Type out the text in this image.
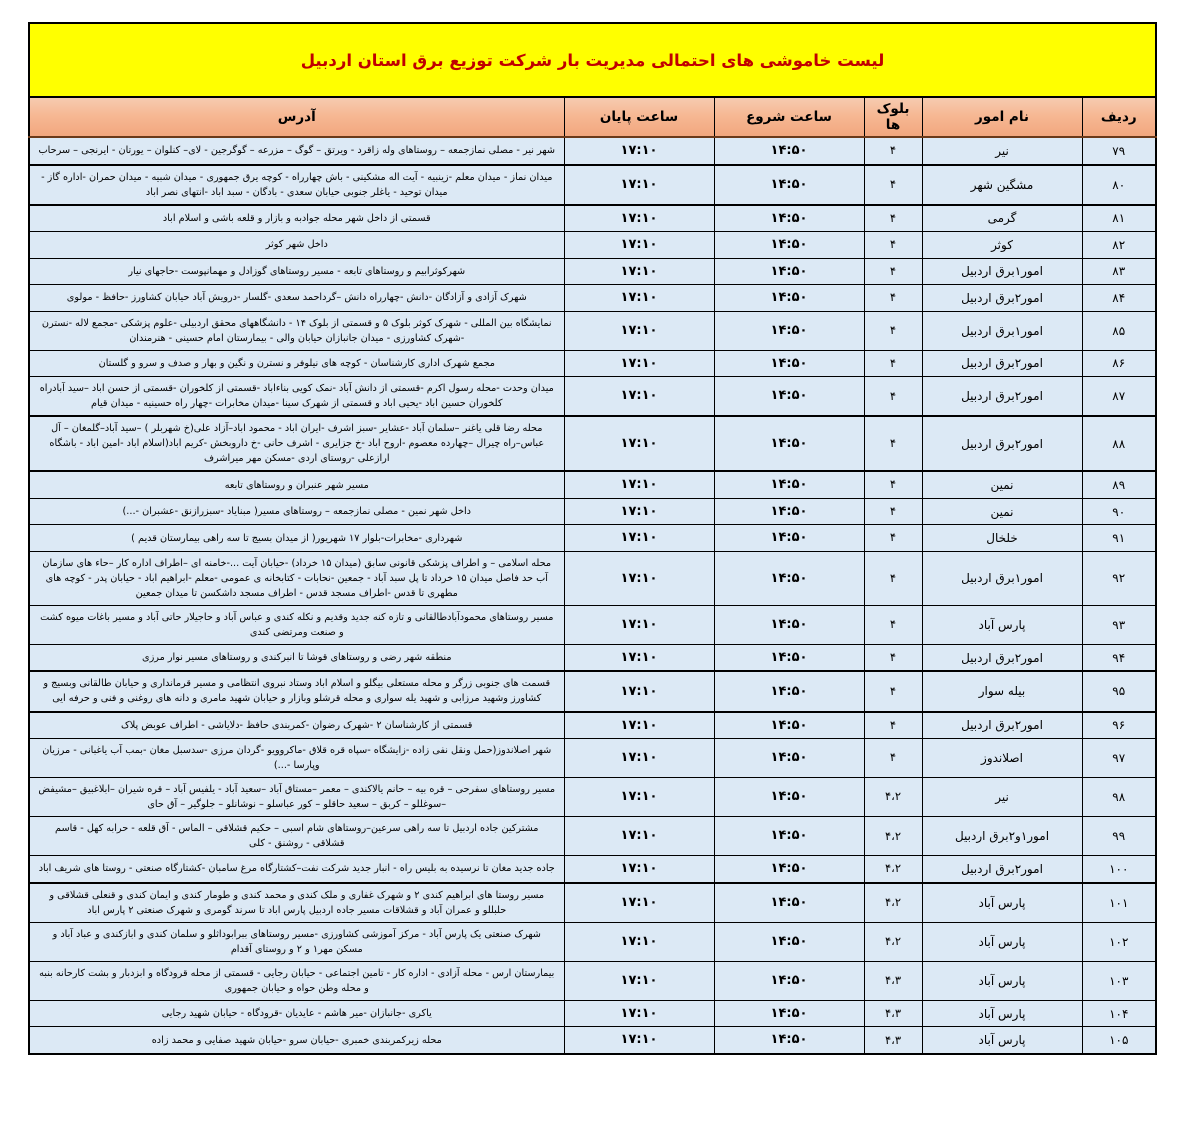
لیست خاموشی های احتمالی مدیریت بار شرکت توزیع برق استان اردبیل
ردیف	نام امور	بلوک ها	ساعت شروع	ساعت پایان	آدرس
۷۹	نیر	۴	۱۴:۵۰	۱۷:۱۰	شهر نیر - مصلی نمازجمعه – روستاهای وله زاقرد - ویرتق – گوگ – مزرعه – گوگرجین - لای– کنلوان – یورتان - ایرنجی – سرحاب
۸۰	مشگین شهر	۴	۱۴:۵۰	۱۷:۱۰	میدان نماز - میدان معلم -زینبیه - آیت اله مشکینی - باش چهارراه - کوچه یرق جمهوری - میدان شبیه - میدان حمران -اداره گاز - میدان توحید - یاغلر جنوبی حیابان سعدی - بادگان - سبد اباد -انتهای نصر اباد
۸۱	گرمی	۴	۱۴:۵۰	۱۷:۱۰	قسمتی از داخل شهر محله جوادبه و بازار و قلعه باشی و اسلام اباد
۸۲	کوثر	۴	۱۴:۵۰	۱۷:۱۰	داخل شهر کوثر
۸۳	امور۱برق اردبیل	۴	۱۴:۵۰	۱۷:۱۰	شهرکوثرابیم و روستاهای تابعه - مسیر روستاهای گوزادل و مهمانپوست -حاجهای نیار
۸۴	امور۲برق اردبیل	۴	۱۴:۵۰	۱۷:۱۰	شهرک آزادی و آزادگان -دانش -چهارراه دانش –گرداحمد سعدی -گلسار -درویش آباد حیابان کشاورز -حافظ - مولوی
۸۵	امور۱برق اردبیل	۴	۱۴:۵۰	۱۷:۱۰	نمایشگاه بین المللی - شهرک کوثر بلوک ۵ و قسمتی از بلوک ۱۴ - دانشگاههای محقق اردبیلی -علوم پزشکی -مجمع لاله -نسترن -شهرک کشاورزی - میدان جانبازان حیابان والی - بیمارستان امام حسینی - هنرمندان
۸۶	امور۲برق اردبیل	۴	۱۴:۵۰	۱۷:۱۰	مجمع شهرک اداری کارشناسان - کوچه های نیلوفر و نسترن و نگین و بهار و صدف و سرو و گلستان
۸۷	امور۲برق اردبیل	۴	۱۴:۵۰	۱۷:۱۰	میدان وحدت -محله رسول اکرم -قسمتی از دانش آباد -نمک کویی بناءاباد -قسمتی از کلخوران -قسمتی از حسن اباد –سید آبادراه کلخوران حسین اباد -یحیی اباد و قسمتی از شهرک سینا -میدان مخابرات -چهار راه حسینیه - میدان قیام
۸۸	امور۲برق اردبیل	۴	۱۴:۵۰	۱۷:۱۰	محله رضا قلی یاغنر –سلمان آباد -عشایر -سبز اشرف -ایران اباد - محمود اباد–آزاد علی(خ شهربلر ) –سید آباد–گلمغان – آل عباس–راه چیرال –چهارده معصوم -اروح اباد -خ جزایری - اشرف حانی -خ داروبخش -کریم اباد(اسلام اباد -امین اباد - باشگاه ارازعلی -روستای اردی -مسکن مهر میراشرف
۸۹	نمین	۴	۱۴:۵۰	۱۷:۱۰	مسیر شهر عنبران و روستاهای تابعه
۹۰	نمین	۴	۱۴:۵۰	۱۷:۱۰	داخل شهر نمین - مصلی نمازجمعه – روستاهای مسیر( مبنایاد -سبزرازنق -عشبران -...)
۹۱	خلخال	۴	۱۴:۵۰	۱۷:۱۰	شهرداری -مخابرات-بلوار ۱۷ شهریور( از میدان بسیج تا سه راهی بیمارستان قدیم )
۹۲	امور۱برق اردبیل	۴	۱۴:۵۰	۱۷:۱۰	محله اسلامی – و اطراف پزشکی قانونی سابق (میدان ۱۵ خرداد) -حیابان آیت ...-خامنه ای –اطراف اداره کار –حاء های سازمان آب حد فاصل میدان ۱۵ خرداد تا پل سبد آباد - جمعین -نحابات - کتابخانه ی عمومی -معلم -ابراهیم اباد - حیابان پدر - کوچه های مطهری تا قدس -اطراف مسجد قدس - اطراف مسجد داشکسن تا میدان جمعین
۹۳	پارس آباد	۴	۱۴:۵۰	۱۷:۱۰	مسیر روستاهای محمودآبادطالقانی و تازه کنه جدید وقدیم و نکله کندی و عباس آباد و حاجیلار حاتی آباد و مسیر باغات میوه کشت و صنعت ومرتضی کندی
۹۴	امور۲برق اردبیل	۴	۱۴:۵۰	۱۷:۱۰	منطقه شهر رضی و روستاهای قوشا تا انبرکندی و روستاهای مسیر نوار مرزی
۹۵	بیله سوار	۴	۱۴:۵۰	۱۷:۱۰	قسمت های جنوبی زرگر و محله مستعلی بیگلو و اسلام اباد وستاد نبروی انتظامی و مسیر قرمانداری و حیابان طالقانی وبسیج و کشاورز وشهید مرزابی و شهید یله سواری و محله قرشلو وبازار و حیابان شهید مامری و دانه های روغنی و فنی و حرفه ایی
۹۶	امور۲برق اردبیل	۴	۱۴:۵۰	۱۷:۱۰	قسمتی از کارشناسان ۲ -شهرک رضوان -کمربندی حافظ -دلایاشی - اطراف عوبض پلاک
۹۷	اصلاندوز	۴	۱۴:۵۰	۱۷:۱۰	شهر اصلاندوز(حمل ونقل نفی زاده -زایشگاه -سپاه قره قلاق -ماکروویو -گردان مرزی -سدسبل مغان -بمب آب یاغبانی - مرزیان وپارسا -...)
۹۸	نیر	۴،۲	۱۴:۵۰	۱۷:۱۰	مسیر روستاهای سفرحی – قره بیه – حانم یالاکندی – معمر –مستاق آباد –سعید آباد - یلفیس آباد – قره شیران –ابلاغبیق –مشیفض –سوغللو – کربق – سعید حاقلو – کور عباسلو – نوشانلو – جلوگیر – آق حای
۹۹	امور۱و۲برق اردبیل	۴،۲	۱۴:۵۰	۱۷:۱۰	مشترکین جاده اردبیل تا سه راهی سرعین–روستاهای شام اسبی – حکیم قشلاقی – الماس - آق قلعه - حرابه کهل - قاسم قشلاقی - روشنق - کلی
۱۰۰	امور۲برق اردبیل	۴،۲	۱۴:۵۰	۱۷:۱۰	جاده جدید مغان تا نرسیده به بلیس راه - انبار جدید شرکت نفت–کشتارگاه مرغ سامبان -کشتارگاه صنعتی - روستا های شریف اباد
۱۰۱	پارس آباد	۴،۲	۱۴:۵۰	۱۷:۱۰	مسیر روستا های ابراهیم کندی ۲ و شهرک غفاری و ملک کندی و محمد کندی و طومار کندی و ایمان کندی و قنعلی قشلاقی و حلبللو و عمران آباد و قشلاقات مسیر جاده اردبیل پارس اباد تا سرند گومری و شهرک صنعتی ۲ پارس اباد
۱۰۲	پارس آباد	۴،۲	۱۴:۵۰	۱۷:۱۰	شهرک صنعتی یک پارس آباد - مرکز آموزشی کشاورزی -مسیر روستاهای ببرابوداثلو و سلمان کندی و ابازکندی و عباد آباد و مسکن مهر۱ و ۲ و روستای آقدام
۱۰۳	پارس آباد	۴،۳	۱۴:۵۰	۱۷:۱۰	بیمارستان ارس - محله آزادی - اداره کار - تامین اجتماعی - حیابان رجایی - قسمتی از محله قرودگاه و ابزدبار و بشت کارحانه بنبه و محله وطن حواه و حیابان جمهوری
۱۰۴	پارس آباد	۴،۳	۱۴:۵۰	۱۷:۱۰	یاکری -جانبازان -میر هاشم - عایدیان -قرودگاه - حیابان شهید رجایی
۱۰۵	پارس آباد	۴،۳	۱۴:۵۰	۱۷:۱۰	محله زیرکمربندی خمبری -حیابان سرو -حیابان شهید صفایی و محمد زاده
